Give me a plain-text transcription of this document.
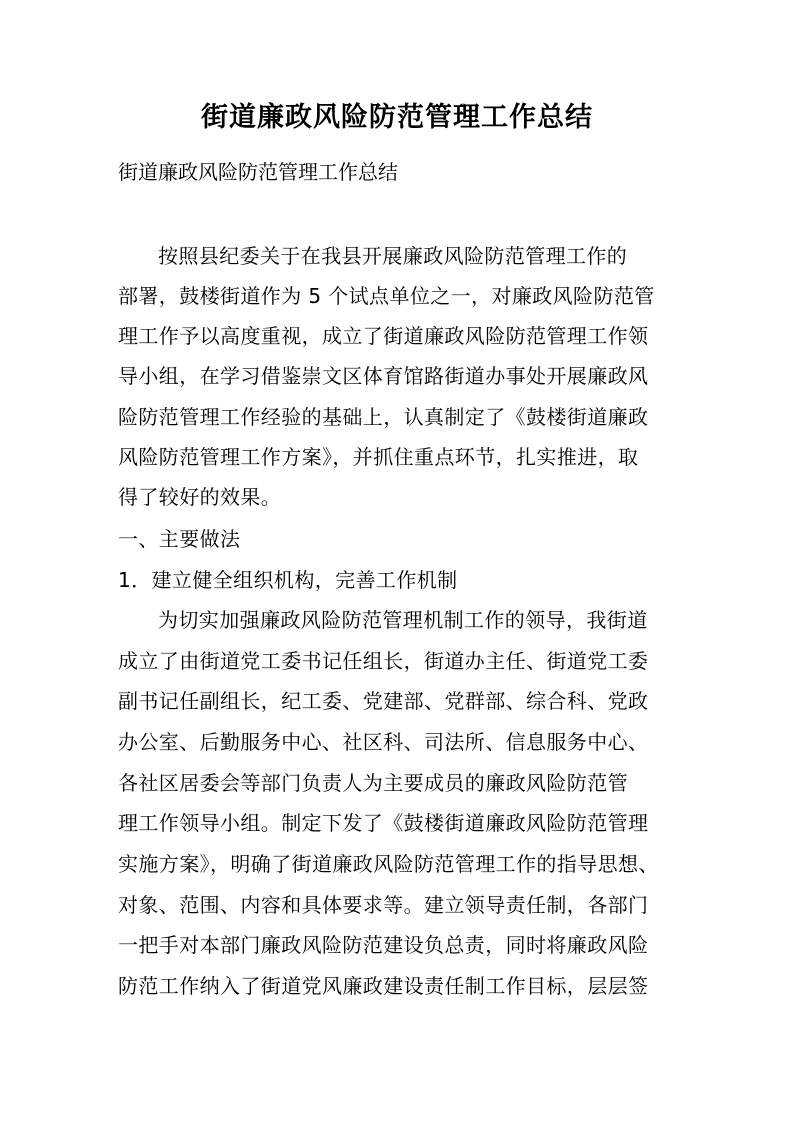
街道廉政风险防范管理工作总结
街道廉政风险防范管理工作总结
按照县纪委关于在我县开展廉政风险防范管理工作的
部署，鼓楼街道作为 5 个试点单位之一，对廉政风险防范管
理工作予以高度重视，成立了街道廉政风险防范管理工作领
导小组，在学习借鉴崇文区体育馆路街道办事处开展廉政风
险防范管理工作经验的基础上，认真制定了《鼓楼街道廉政
风险防范管理工作方案》，并抓住重点环节，扎实推进，取
得了较好的效果。
一、主要做法
1．建立健全组织机构，完善工作机制
为切实加强廉政风险防范管理机制工作的领导，我街道
成立了由街道党工委书记任组长，街道办主任、街道党工委
副书记任副组长，纪工委、党建部、党群部、综合科、党政
办公室、后勤服务中心、社区科、司法所、信息服务中心、
各社区居委会等部门负责人为主要成员的廉政风险防范管
理工作领导小组。制定下发了《鼓楼街道廉政风险防范管理
实施方案》，明确了街道廉政风险防范管理工作的指导思想、
对象、范围、内容和具体要求等。建立领导责任制，各部门
一把手对本部门廉政风险防范建设负总责，同时将廉政风险
防范工作纳入了街道党风廉政建设责任制工作目标，层层签
